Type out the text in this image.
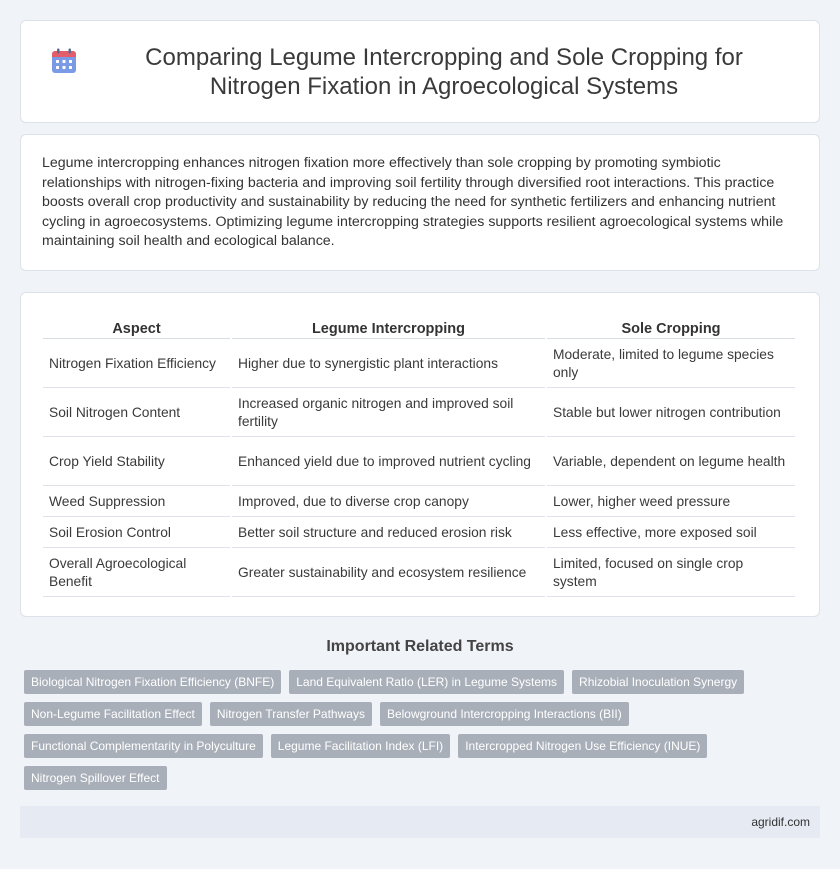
Comparing Legume Intercropping and Sole Cropping for Nitrogen Fixation in Agroecological Systems

Legume intercropping enhances nitrogen fixation more effectively than sole cropping by promoting symbiotic relationships with nitrogen-fixing bacteria and improving soil fertility through diversified root interactions. This practice boosts overall crop productivity and sustainability by reducing the need for synthetic fertilizers and enhancing nutrient cycling in agroecosystems. Optimizing legume intercropping strategies supports resilient agroecological systems while maintaining soil health and ecological balance.

Aspect	Legume Intercropping	Sole Cropping
Nitrogen Fixation Efficiency	Higher due to synergistic plant interactions	Moderate, limited to legume species only
Soil Nitrogen Content	Increased organic nitrogen and improved soil fertility	Stable but lower nitrogen contribution
Crop Yield Stability	Enhanced yield due to improved nutrient cycling	Variable, dependent on legume health
Weed Suppression	Improved, due to diverse crop canopy	Lower, higher weed pressure
Soil Erosion Control	Better soil structure and reduced erosion risk	Less effective, more exposed soil
Overall Agroecological Benefit	Greater sustainability and ecosystem resilience	Limited, focused on single crop system
Important Related Terms
Biological Nitrogen Fixation Efficiency (BNFE)	Land Equivalent Ratio (LER) in Legume Systems	Rhizobial Inoculation Synergy
Non-Legume Facilitation Effect	Nitrogen Transfer Pathways	Belowground Intercropping Interactions (BII)
Functional Complementarity in Polyculture	Legume Facilitation Index (LFI)	Intercropped Nitrogen Use Efficiency (INUE)
Nitrogen Spillover Effect
agridif.com
